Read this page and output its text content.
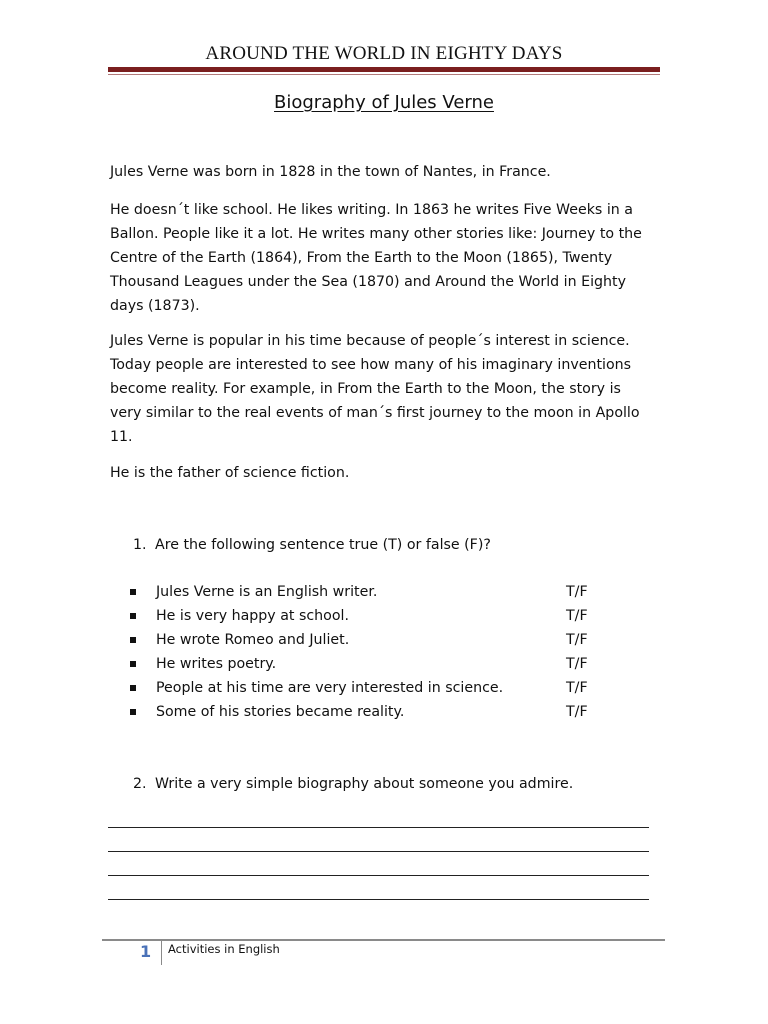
AROUND THE WORLD IN EIGHTY DAYS
Biography of Jules Verne

Jules Verne was born in 1828 in the town of Nantes, in France.

He doesn´t like school. He likes writing. In 1863 he writes Five Weeks in a Ballon. People like it a lot. He writes many other stories like: Journey to the Centre of the Earth (1864), From the Earth to the Moon (1865), Twenty Thousand Leagues under the Sea (1870) and Around the World in Eighty days (1873).

Jules Verne is popular in his time because of people´s interest in science. Today people are interested to see how many of his imaginary inventions become reality. For example, in From the Earth to the Moon, the story is very similar to the real events of man´s first journey to the moon in Apollo 11.

He is the father of science fiction.

1. Are the following sentence true (T) or false (F)?
Jules Verne is an English writer.	T/F
He is very happy at school.	T/F
He wrote Romeo and Juliet.	T/F
He writes poetry.	T/F
People at his time are very interested in science.	T/F
Some of his stories became reality.	T/F
2. Write a very simple biography about someone you admire.
1 Activities in English
